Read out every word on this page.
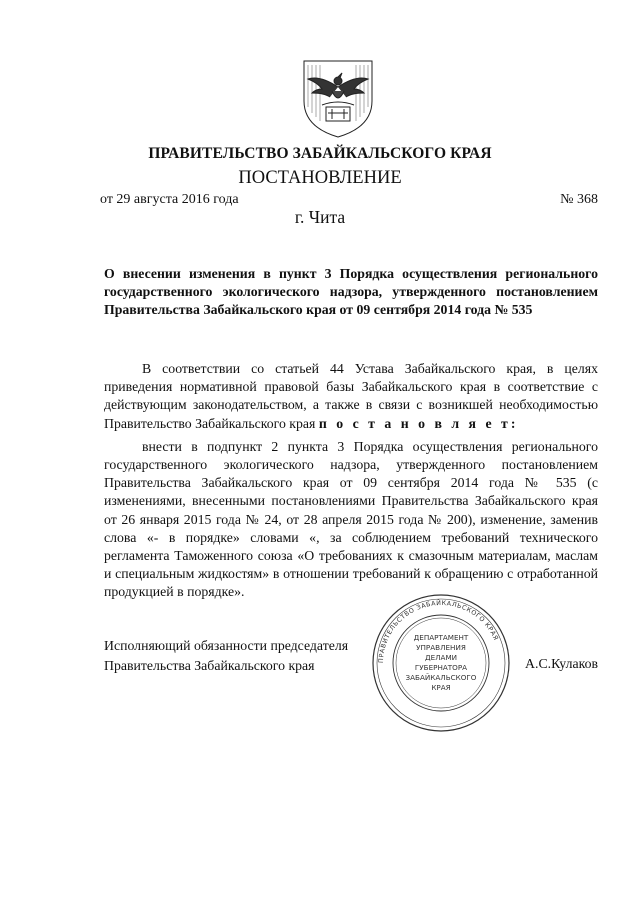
ПРАВИТЕЛЬСТВО ЗАБАЙКАЛЬСКОГО КРАЯ
ПОСТАНОВЛЕНИЕ
от 29 августа 2016 года	№ 368
г. Чита
О внесении изменения в пункт 3 Порядка осуществления регионального государственного экологического надзора, утвержденного постановлением Правительства Забайкальского края от 09 сентября 2014 года № 535

В соответствии со статьей 44 Устава Забайкальского края, в целях приведения нормативной правовой базы Забайкальского края в соответствие с действующим законодательством, а также в связи с возникшей необходимостью Правительство Забайкальского края п о с т а н о в л я е т:

внести в подпункт 2 пункта 3 Порядка осуществления регионального государственного экологического надзора, утвержденного постановлением Правительства Забайкальского края от 09 сентября 2014 года № 535 (с изменениями, внесенными постановлениями Правительства Забайкальского края от 26 января 2015 года № 24, от 28 апреля 2015 года № 200), изменение, заменив слова «- в порядке» словами «, за соблюдением требований технического регламента Таможенного союза «О требованиях к смазочным материалам, маслам и специальным жидкостям» в отношении требований к обращению с отработанной продукцией в порядке».

ПРАВИТЕЛЬСТВО ЗАБАЙКАЛЬСКОГО КРАЯ
ДЕПАРТАМЕНТ
УПРАВЛЕНИЯ
ДЕЛАМИ
ГУБЕРНАТОРА
ЗАБАЙКАЛЬСКОГО
КРАЯ
Исполняющий обязанности председателя
Правительства Забайкальского края	А.С.Кулаков
